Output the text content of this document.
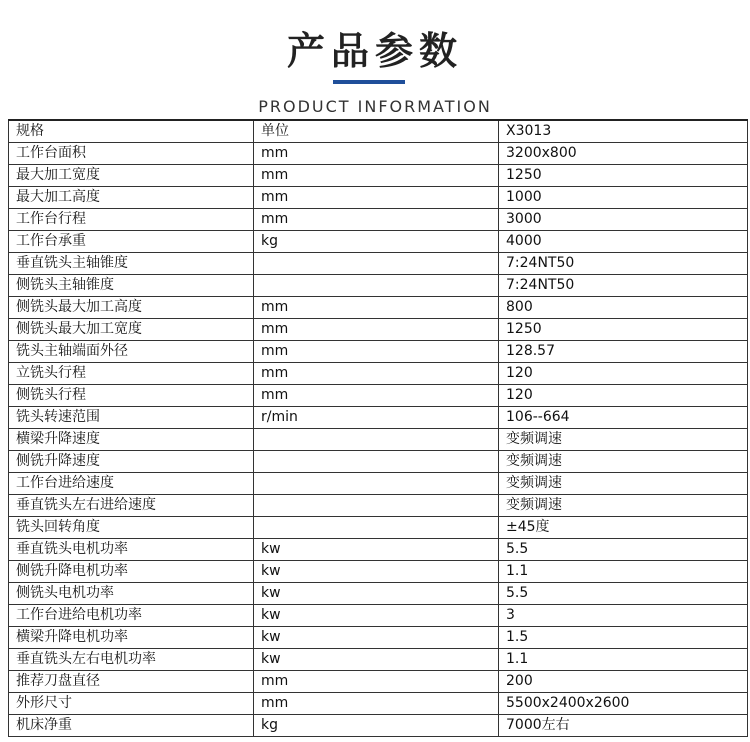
产品参数
PRODUCT INFORMATION
规格	单位	X3013
工作台面积	mm	3200x800
最大加工宽度	mm	1250
最大加工高度	mm	1000
工作台行程	mm	3000
工作台承重	kg	4000
垂直铣头主轴锥度		7:24NT50
侧铣头主轴锥度		7:24NT50
侧铣头最大加工高度	mm	800
侧铣头最大加工宽度	mm	1250
铣头主轴端面外径	mm	128.57
立铣头行程	mm	120
侧铣头行程	mm	120
铣头转速范围	r/min	106--664
横梁升降速度		变频调速
侧铣升降速度		变频调速
工作台进给速度		变频调速
垂直铣头左右进给速度		变频调速
铣头回转角度		±45度
垂直铣头电机功率	kw	5.5
侧铣升降电机功率	kw	1.1
侧铣头电机功率	kw	5.5
工作台进给电机功率	kw	3
横梁升降电机功率	kw	1.5
垂直铣头左右电机功率	kw	1.1
推荐刀盘直径	mm	200
外形尺寸	mm	5500x2400x2600
机床净重	kg	7000左右
